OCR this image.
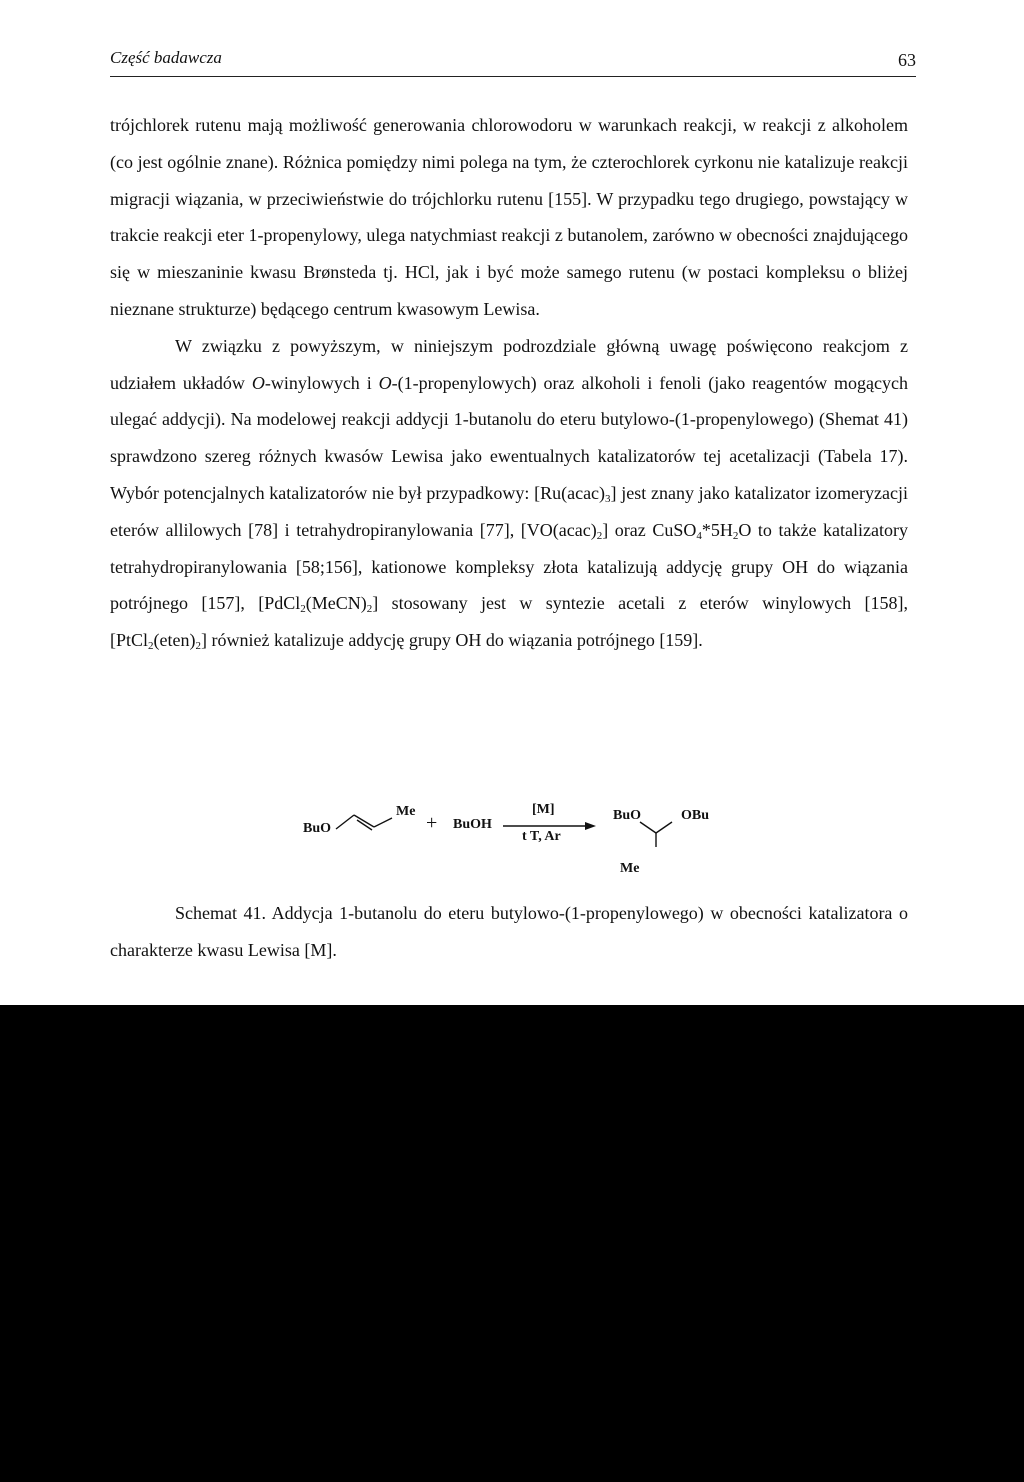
Część badawcza	63

trójchlorek rutenu mają możliwość generowania chlorowodoru w warunkach reakcji, w reakcji z alkoholem (co jest ogólnie znane). Różnica pomiędzy nimi polega na tym, że czterochlorek cyrkonu nie katalizuje reakcji migracji wiązania, w przeciwieństwie do trójchlorku rutenu [155]. W przypadku tego drugiego, powstający w trakcie reakcji eter 1-propenylowy, ulega natychmiast reakcji z butanolem, zarówno w obecności znajdującego się w mieszaninie kwasu Brønsteda tj. HCl, jak i być może samego rutenu (w postaci kompleksu o bliżej nieznane strukturze) będącego centrum kwasowym Lewisa.

W związku z powyższym, w niniejszym podrozdziale główną uwagę poświęcono reakcjom z udziałem układów O-winylowych i O-(1-propenylowych) oraz alkoholi i fenoli (jako reagentów mogących ulegać addycji). Na modelowej reakcji addycji 1-butanolu do eteru butylowo-(1-propenylowego) (Shemat 41) sprawdzono szereg różnych kwasów Lewisa jako ewentualnych katalizatorów tej acetalizacji (Tabela 17). Wybór potencjalnych katalizatorów nie był przypadkowy: $[Ru(acac)_3]$ jest znany jako katalizator izomeryzacji eterów allilowych [78] i tetrahydropiranylowania [77], $[VO(acac)_2]$ oraz $CuSO_4*5H_2O$ to także katalizatory tetrahydropiranylowania [58;156], kationowe kompleksy złota katalizują addycję grupy OH do wiązania potrójnego [157], $[PdCl_2(MeCN)_2]$ stosowany jest w syntezie acetali z eterów winylowych [158], $[PtCl_2(eten)_2]$ również katalizuje addycję grupy OH do wiązania potrójnego [159].

BuO
Me
+ BuOH
[M]
t T, Ar
BuO	OBu
Me

Schemat 41. Addycja 1-butanolu do eteru butylowo-(1-propenylowego) w obecności katalizatora o charakterze kwasu Lewisa [M].
